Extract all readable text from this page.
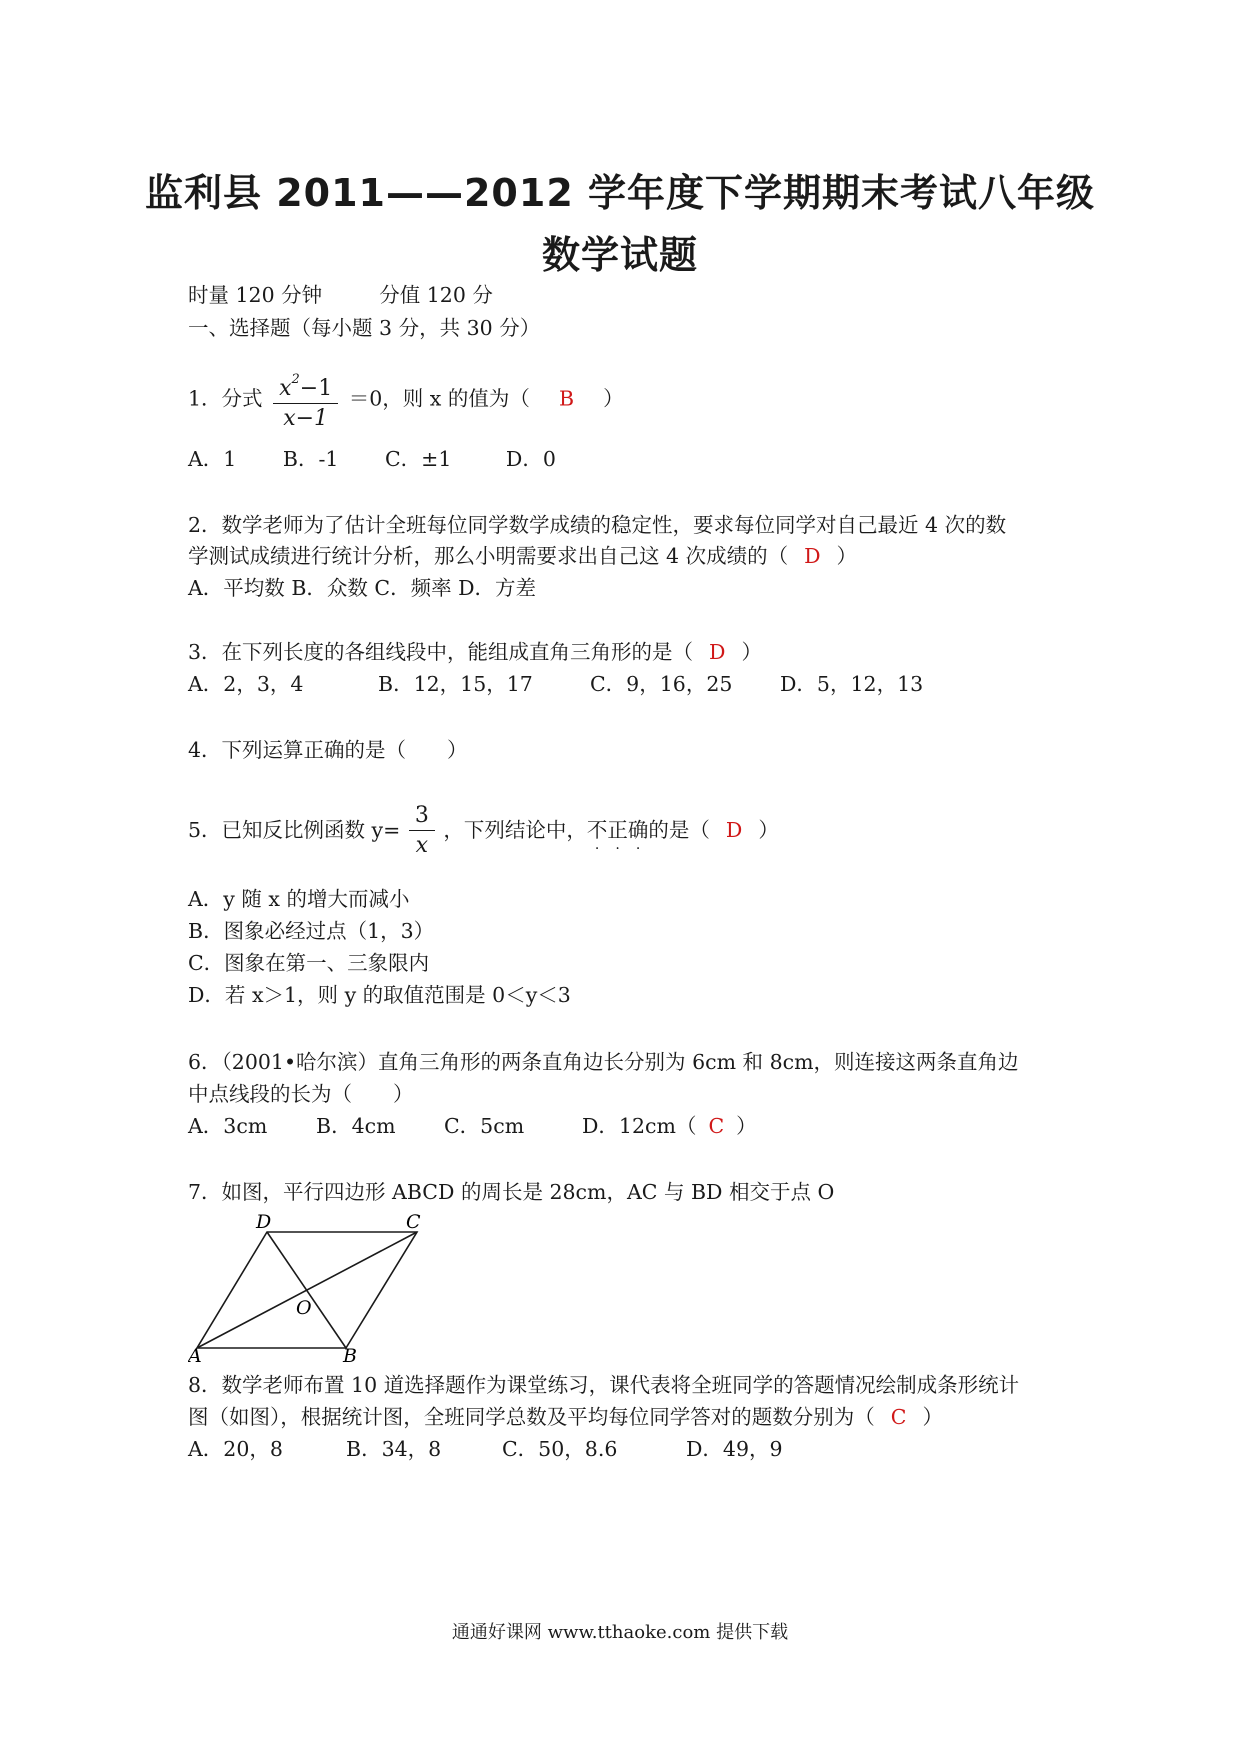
监利县 2011——2012 学年度下学期期末考试八年级
数学试题
时量 120 分钟	分值 120 分
一、选择题（每小题 3 分，共 30 分）
1．分式 $\frac{x^2-1}{x-1} =0$，则 x 的值为（ B ）
A．1 B．-1 C．±1	D．0
2．数学老师为了估计全班每位同学数学成绩的稳定性，要求每位同学对自己最近 4 次的数
学测试成绩进行统计分析，那么小明需要求出自己这 4 次成绩的（ D ）
A．平均数 B．众数 C．频率 D．方差
3．在下列长度的各组线段中，能组成直角三角形的是（ D ）
A．2，3，4	B．12，15，17	C．9，16，25 D．5，12，13
4．下列运算正确的是（　　）
5．已知反比例函数 $y= \frac{3}{x}$ ，下列结论中，不
·
正
·
确
·
的是（ D ）
A．y 随 x 的增大而减小
B．图象必经过点（1，3）
C．图象在第一、三象限内
D．若 x＞1，则 y 的取值范围是 0＜y＜3
6．（2001•哈尔滨）直角三角形的两条直角边长分别为 6cm 和 8cm，则连接这两条直角边
中点线段的长为（　　）
A．3cm B．4cm C．5cm	D．12cm（ C ）
7．如图，平行四边形 ABCD 的周长是 28cm，AC 与 BD 相交于点 O
A	B
C
D
O
8．数学老师布置 10 道选择题作为课堂练习，课代表将全班同学的答题情况绘制成条形统计
图（如图），根据统计图，全班同学总数及平均每位同学答对的题数分别为（ C ）
A．20，8	B．34，8	C．50，8.6	D．49，9
通通好课网 www.tthaoke.com 提供下载
